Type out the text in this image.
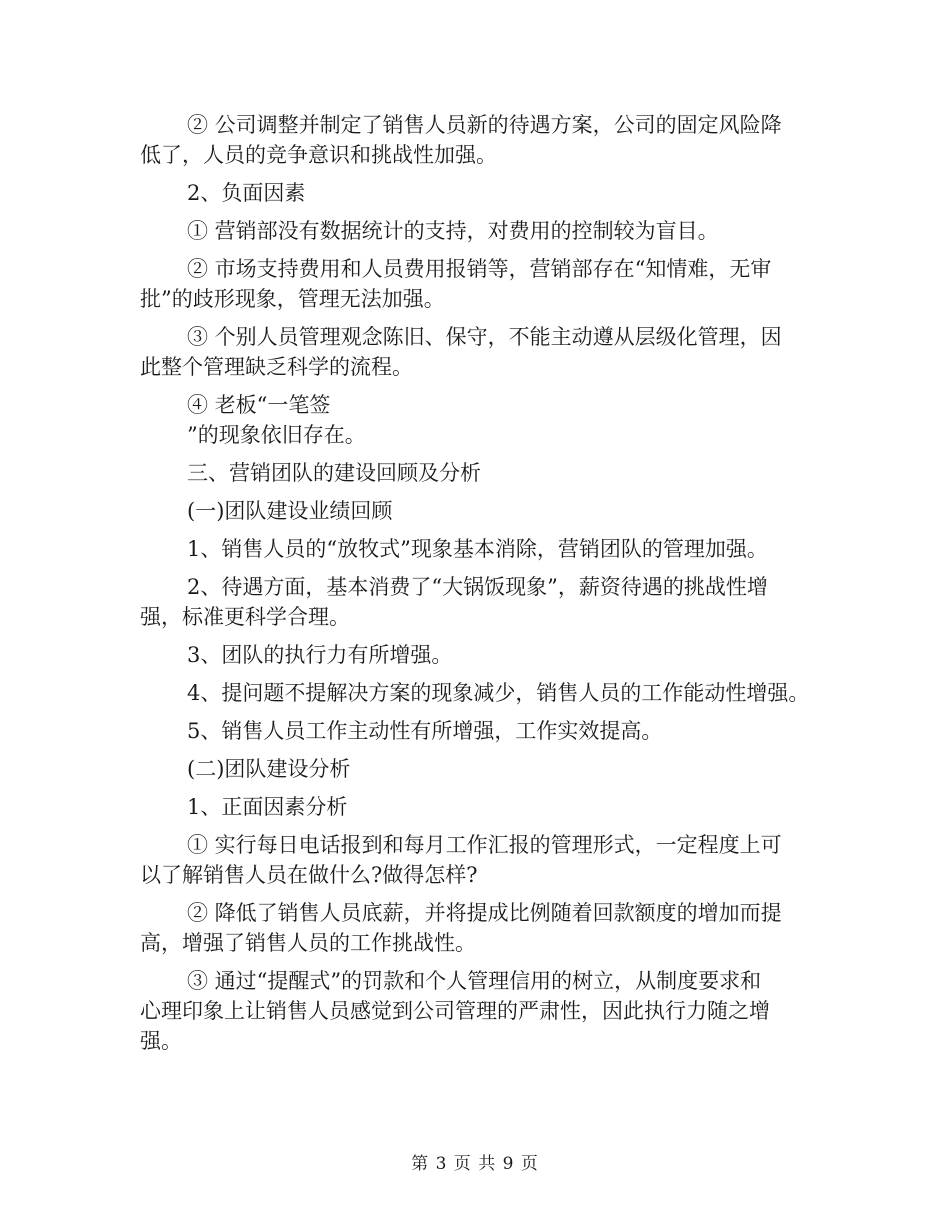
② 公司调整并制定了销售人员新的待遇方案，公司的固定风险降

低了，人员的竞争意识和挑战性加强。

2、负面因素

① 营销部没有数据统计的支持，对费用的控制较为盲目。

② 市场支持费用和人员费用报销等，营销部存在“知情难，无审

批”的歧形现象，管理无法加强。

③ 个别人员管理观念陈旧、保守，不能主动遵从层级化管理，因

此整个管理缺乏科学的流程。

④ 老板“一笔签

”的现象依旧存在。

三、营销团队的建设回顾及分析

(一)团队建设业绩回顾

1、销售人员的“放牧式”现象基本消除，营销团队的管理加强。

2、待遇方面，基本消费了“大锅饭现象”，薪资待遇的挑战性增

强，标准更科学合理。

3、团队的执行力有所增强。

4、提问题不提解决方案的现象减少，销售人员的工作能动性增强。

5、销售人员工作主动性有所增强，工作实效提高。

(二)团队建设分析

1、正面因素分析

① 实行每日电话报到和每月工作汇报的管理形式，一定程度上可

以了解销售人员在做什么?做得怎样?

② 降低了销售人员底薪，并将提成比例随着回款额度的增加而提

高，增强了销售人员的工作挑战性。

③ 通过“提醒式”的罚款和个人管理信用的树立，从制度要求和

心理印象上让销售人员感觉到公司管理的严肃性，因此执行力随之增

强。

第 3 页 共 9 页
